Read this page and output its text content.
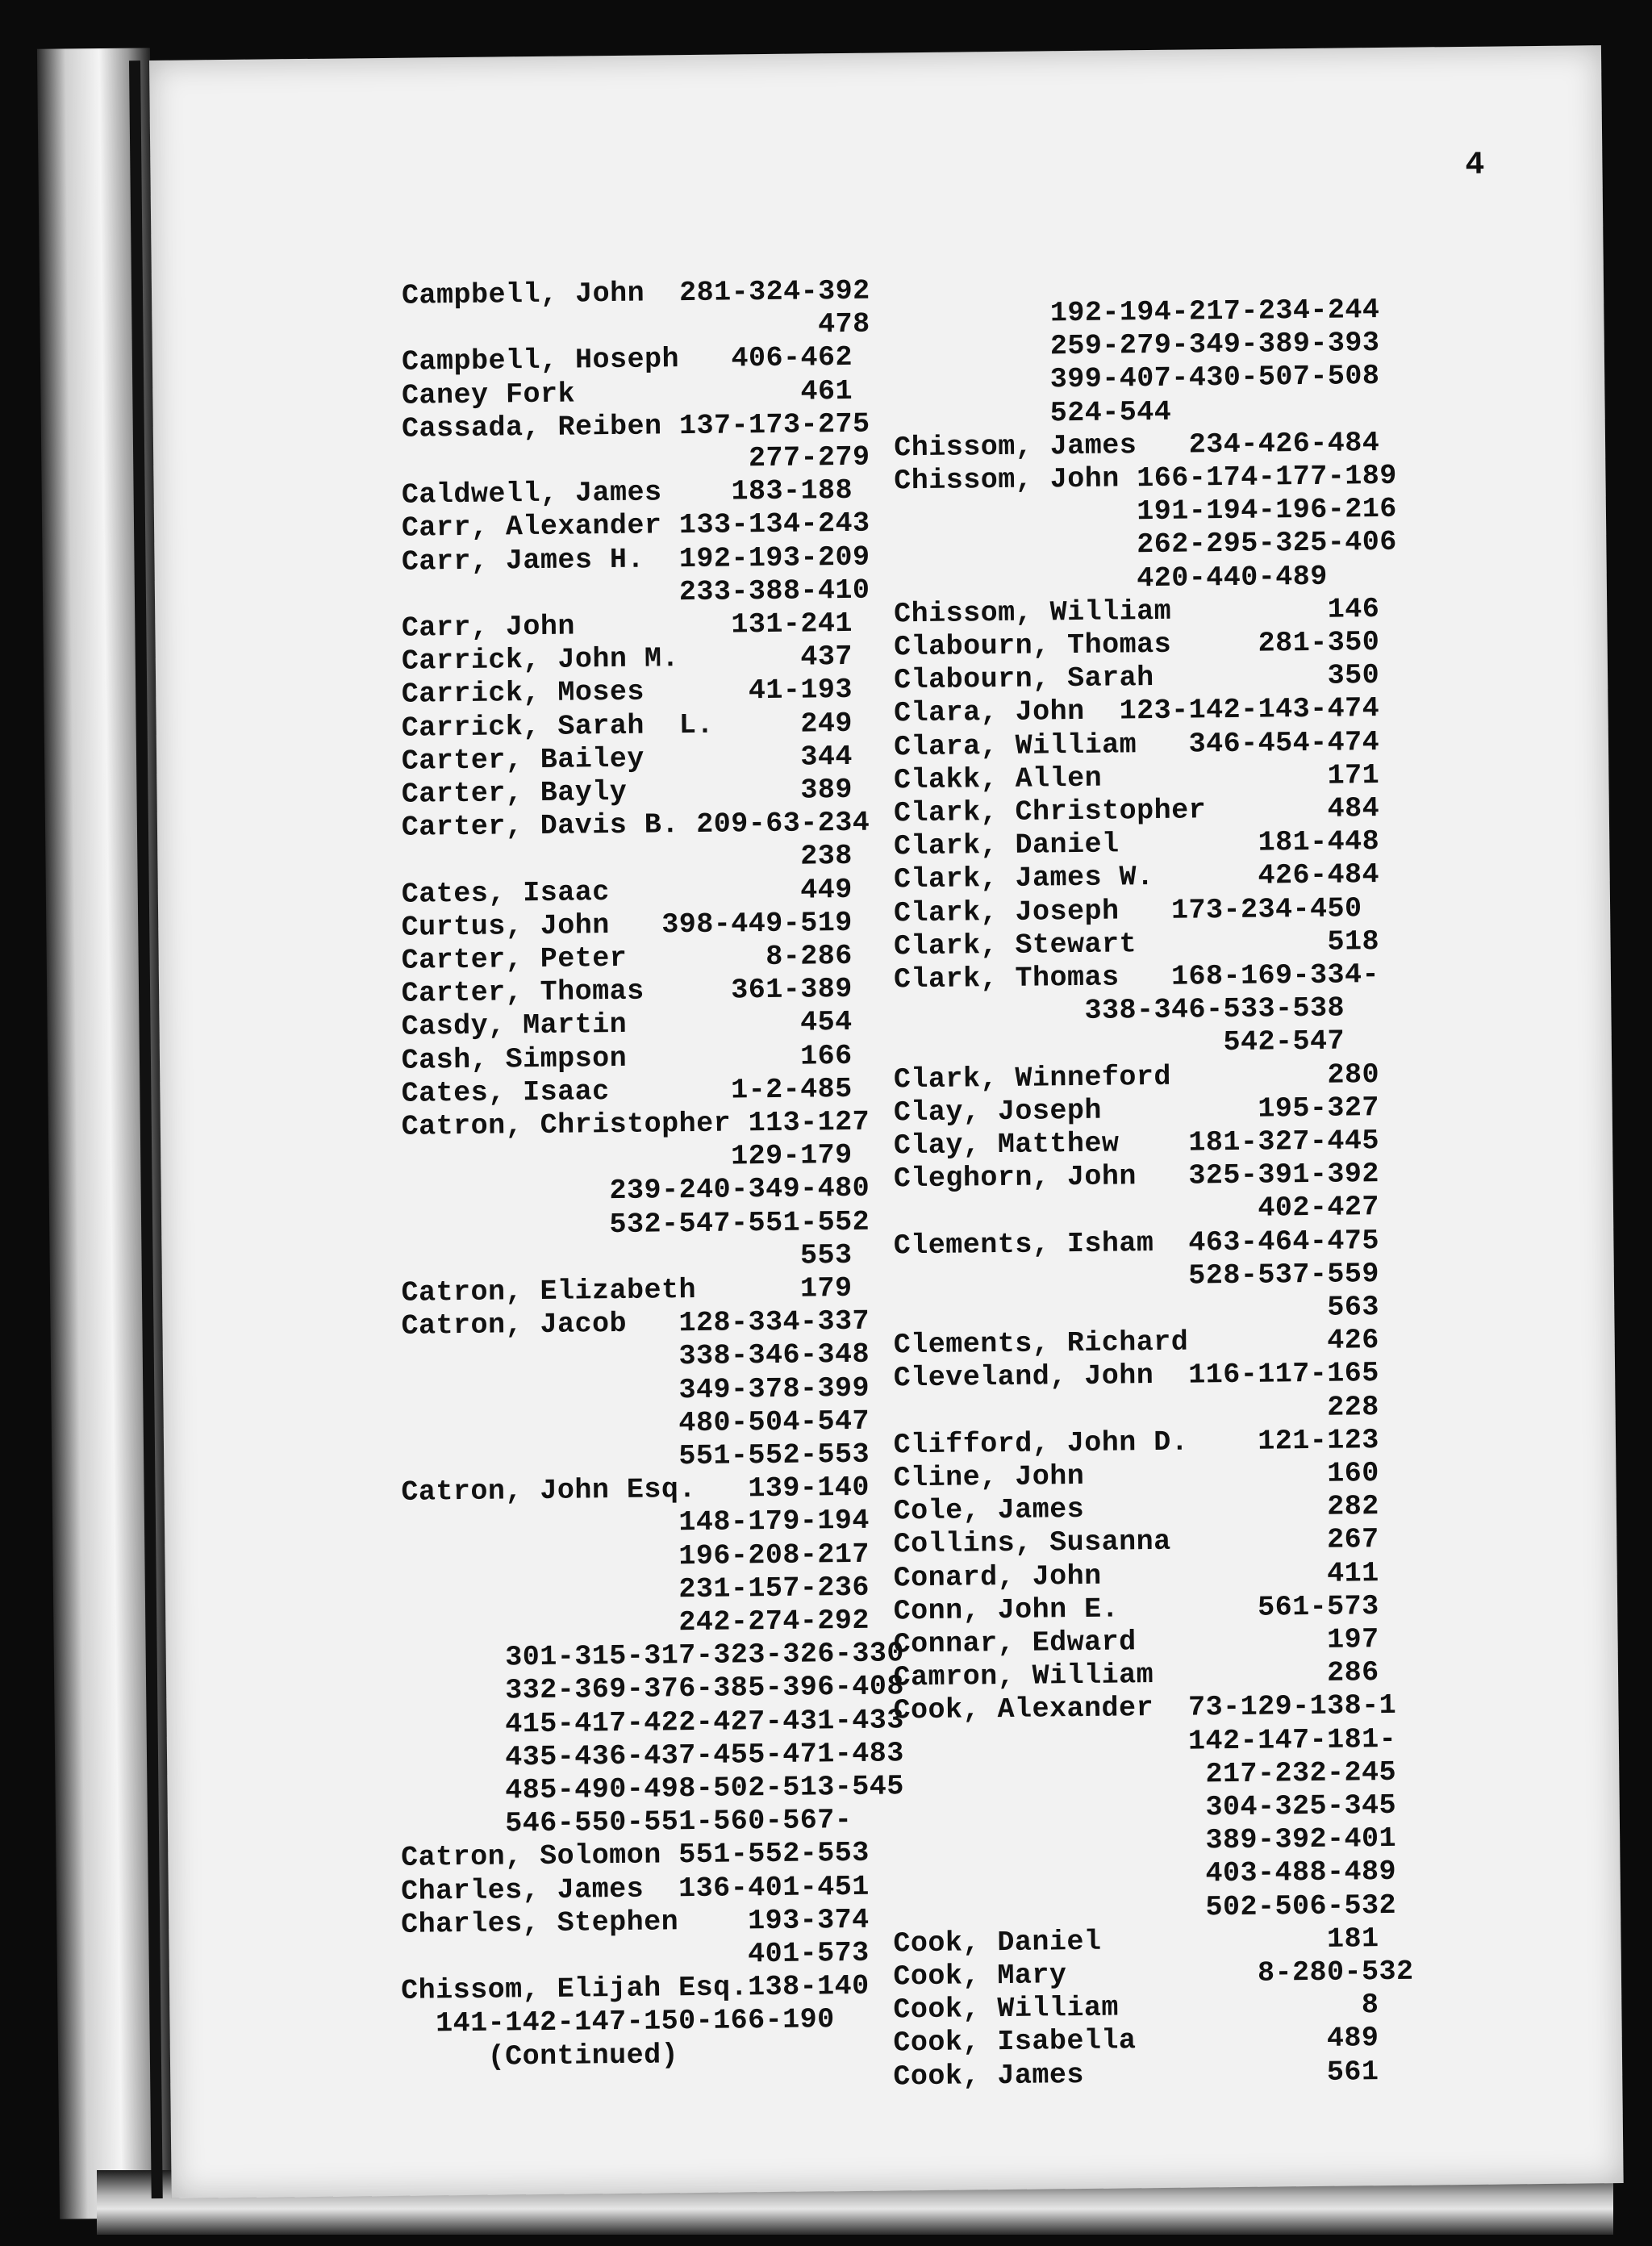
4
Campbell, John  281-324-392
478
Campbell, Hoseph   406-462
Caney Fork             461
Cassada, Reiben 137-173-275
277-279
Caldwell, James    183-188
Carr, Alexander 133-134-243
Carr, James H.  192-193-209
233-388-410
Carr, John         131-241
Carrick, John M.       437
Carrick, Moses      41-193
Carrick, Sarah  L.     249
Carter, Bailey         344
Carter, Bayly          389
Carter, Davis B. 209-63-234
238
Cates, Isaac           449
Curtus, John   398-449-519
Carter, Peter        8-286
Carter, Thomas     361-389
Casdy, Martin          454
Cash, Simpson          166
Cates, Isaac       1-2-485
Catron, Christopher 113-127
129-179
239-240-349-480
532-547-551-552
553
Catron, Elizabeth      179
Catron, Jacob   128-334-337
338-346-348
349-378-399
480-504-547
551-552-553
Catron, John Esq.   139-140
148-179-194
196-208-217
231-157-236
242-274-292
301-315-317-323-326-330
332-369-376-385-396-408
415-417-422-427-431-433
435-436-437-455-471-483
485-490-498-502-513-545
546-550-551-560-567-
Catron, Solomon 551-552-553
Charles, James  136-401-451
Charles, Stephen    193-374
401-573
Chissom, Elijah Esq.138-140
141-142-147-150-166-190
(Continued)
192-194-217-234-244
259-279-349-389-393
399-407-430-507-508
524-544
Chissom, James   234-426-484
Chissom, John 166-174-177-189
191-194-196-216
262-295-325-406
420-440-489
Chissom, William         146
Clabourn, Thomas     281-350
Clabourn, Sarah          350
Clara, John  123-142-143-474
Clara, William   346-454-474
Clakk, Allen             171
Clark, Christopher       484
Clark, Daniel        181-448
Clark, James W.      426-484
Clark, Joseph   173-234-450
Clark, Stewart           518
Clark, Thomas   168-169-334-
338-346-533-538
542-547
Clark, Winneford         280
Clay, Joseph         195-327
Clay, Matthew    181-327-445
Cleghorn, John   325-391-392
402-427
Clements, Isham  463-464-475
528-537-559
563
Clements, Richard        426
Cleveland, John  116-117-165
228
Clifford, John D.    121-123
Cline, John              160
Cole, James              282
Collins, Susanna         267
Conard, John             411
Conn, John E.        561-573
Connar, Edward           197
Camron, William          286
Cook, Alexander  73-129-138-1
142-147-181-
217-232-245
304-325-345
389-392-401
403-488-489
502-506-532
Cook, Daniel             181
Cook, Mary           8-280-532
Cook, William              8
Cook, Isabella           489
Cook, James              561
